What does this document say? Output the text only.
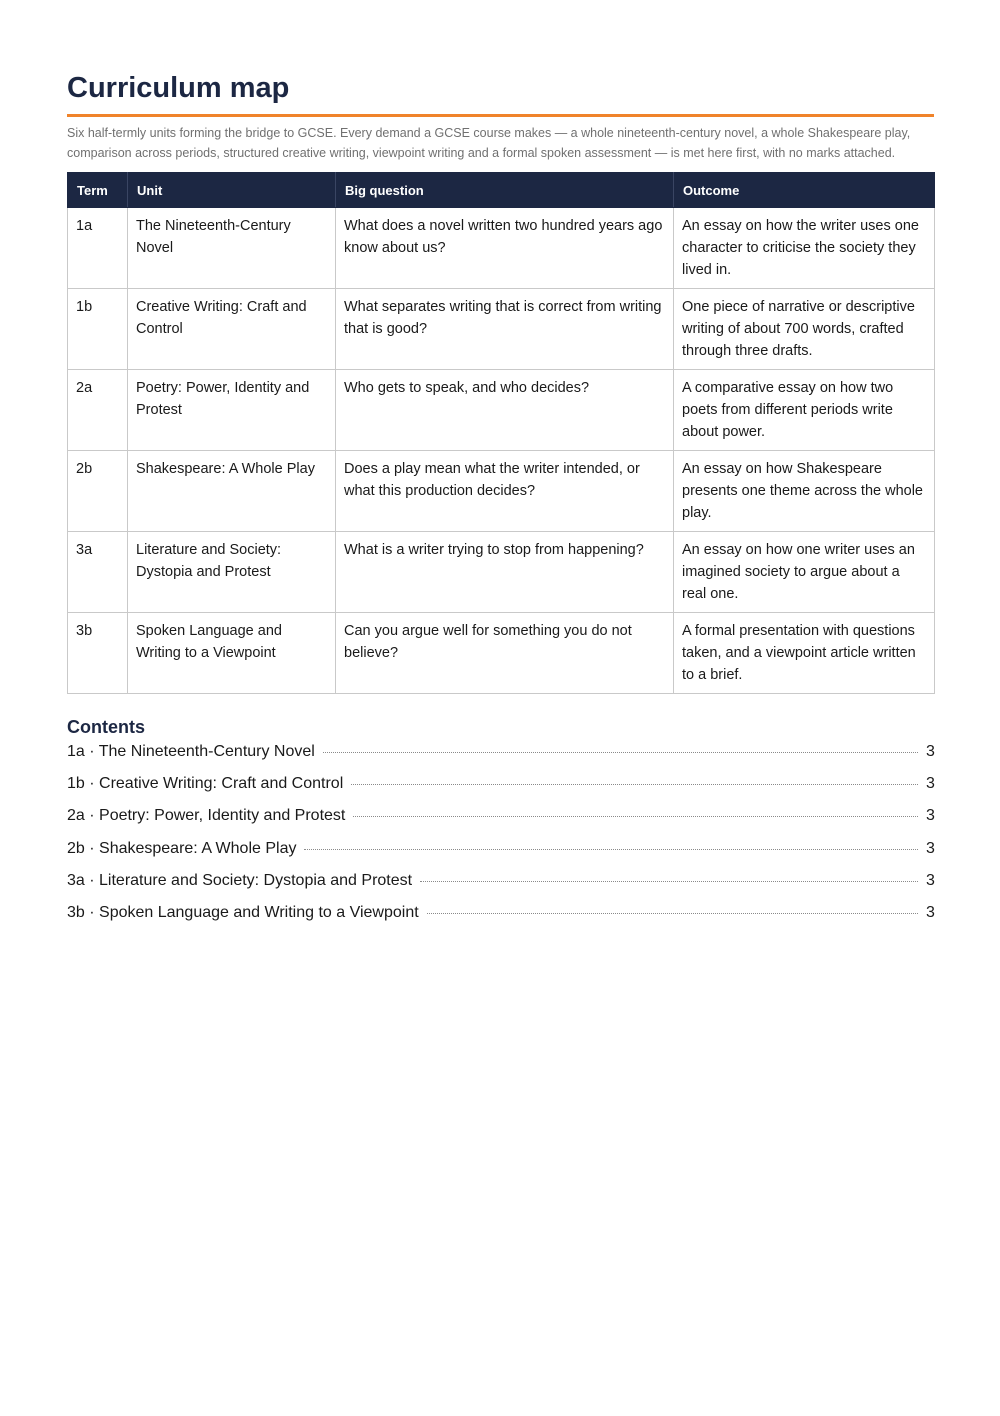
Curriculum map

Six half-termly units forming the bridge to GCSE. Every demand a GCSE course makes — a whole nineteenth-century novel, a whole Shakespeare play, comparison across periods, structured creative writing, viewpoint writing and a formal spoken assessment — is met here first, with no marks attached.

Term	Unit	Big question	Outcome
1a	The Nineteenth-Century Novel	What does a novel written two hundred years ago know about us?	An essay on how the writer uses one character to criticise the society they lived in.
1b	Creative Writing: Craft and Control	What separates writing that is correct from writing that is good?	One piece of narrative or descriptive writing of about 700 words, crafted through three drafts.
2a	Poetry: Power, Identity and Protest	Who gets to speak, and who decides?	A comparative essay on how two poets from different periods write about power.
2b	Shakespeare: A Whole Play	Does a play mean what the writer intended, or what this production decides?	An essay on how Shakespeare presents one theme across the whole play.
3a	Literature and Society: Dystopia and Protest	What is a writer trying to stop from happening?	An essay on how one writer uses an imagined society to argue about a real one.
3b	Spoken Language and Writing to a Viewpoint	Can you argue well for something you do not believe?	A formal presentation with questions taken, and a viewpoint article written to a brief.
Contents
1a · The Nineteenth-Century Novel	3
1b · Creative Writing: Craft and Control	3
2a · Poetry: Power, Identity and Protest	3
2b · Shakespeare: A Whole Play	3
3a · Literature and Society: Dystopia and Protest	3
3b · Spoken Language and Writing to a Viewpoint	3
